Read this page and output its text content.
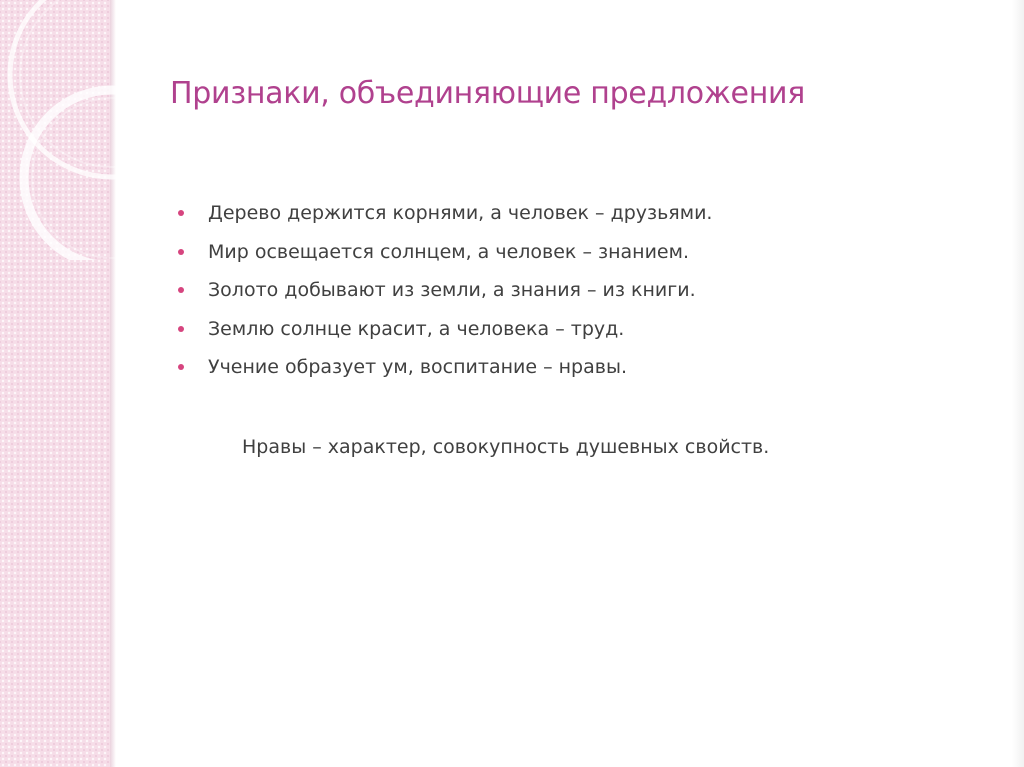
Признаки, объединяющие предложения
Дерево держится корнями, а человек – друзьями.
Мир освещается солнцем, а человек – знанием.
Золото добывают из земли, а знания – из книги.
Землю солнце красит, а человека – труд.
Учение образует ум, воспитание – нравы.

Нравы – характер, совокупность душевных свойств.
